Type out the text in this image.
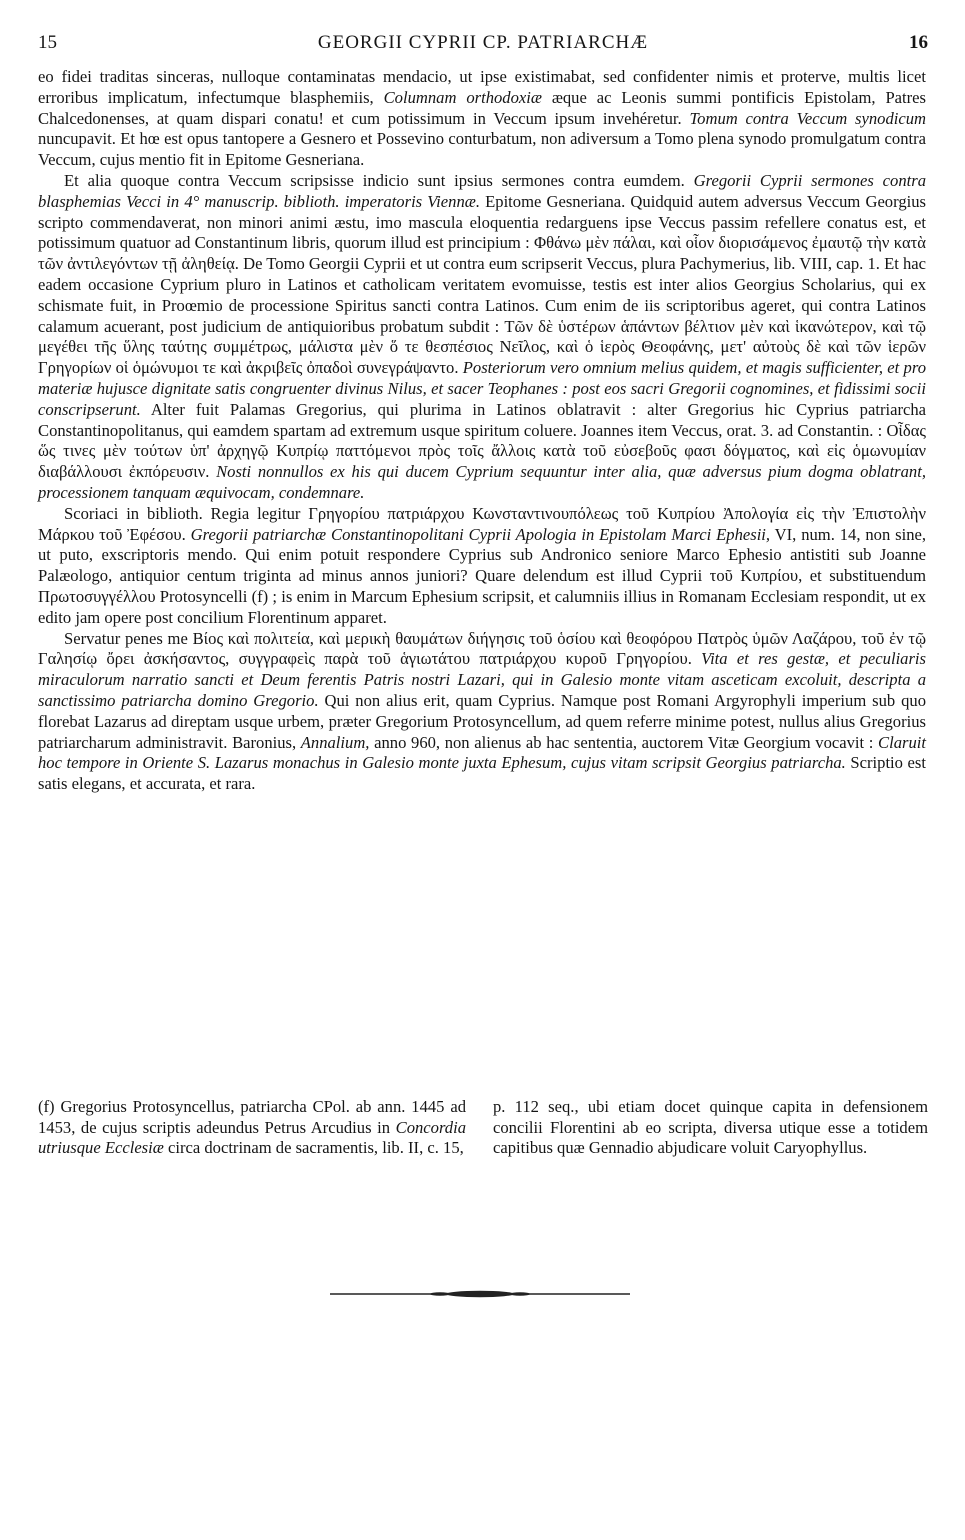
15	GEORGII CYPRII CP. PATRIARCHÆ	16

eo fidei traditas sinceras, nulloque contaminatas mendacio, ut ipse existimabat, sed confidenter nimis et proterve, multis licet erroribus implicatum, infectumque blasphemiis, Columnam orthodoxiæ æque ac Leonis summi pontificis Epistolam, Patres Chalcedonenses, at quam dispari conatu! et cum potissimum in Veccum ipsum invehéretur. Tomum contra Veccum synodicum nuncupavit. Et hœ est opus tantopere a Gesnero et Possevino conturbatum, non adiversum a Tomo plena synodo promulgatum contra Veccum, cujus mentio fit in Epitome Gesneriana.

Et alia quoque contra Veccum scripsisse indicio sunt ipsius sermones contra eumdem. Gregorii Cyprii sermones contra blasphemias Vecci in 4° manuscrip. biblioth. imperatoris Viennæ. Epitome Gesneriana. Quidquid autem adversus Veccum Georgius scripto commendaverat, non minori animi æstu, imo mascula eloquentia redarguens ipse Veccus passim refellere conatus est, et potissimum quatuor ad Constantinum libris, quorum illud est principium : Φθάνω μὲν πάλαι, καὶ οἷον διορισάμενος ἐμαυτῷ τὴν κατὰ τῶν ἀντιλεγόντων τῇ ἀληθείᾳ. De Tomo Georgii Cyprii et ut contra eum scripserit Veccus, plura Pachymerius, lib. VIII, cap. 1. Et hac eadem occasione Cyprium pluro in Latinos et catholicam veritatem evomuisse, testis est inter alios Georgius Scholarius, qui ex schismate fuit, in Proœmio de processione Spiritus sancti contra Latinos. Cum enim de iis scriptoribus ageret, qui contra Latinos calamum acuerant, post judicium de antiquioribus probatum subdit : Τῶν δὲ ὑστέρων ἁπάντων βέλτιον μὲν καὶ ἱκανώτερον, καὶ τῷ μεγέθει τῆς ὕλης ταύτης συμμέτρως, μάλιστα μὲν ὅ τε θεσπέσιος Νεῖλος, καὶ ὁ ἱερὸς Θεοφάνης, μετ' αὐτοὺς δὲ καὶ τῶν ἱερῶν Γρηγορίων οἱ ὁμώνυμοι τε καὶ ἀκριβεῖς ὀπαδοὶ συνεγράψαντο. Posteriorum vero omnium melius quidem, et magis sufficienter, et pro materiæ hujusce dignitate satis congruenter divinus Nilus, et sacer Teophanes : post eos sacri Gregorii cognomines, et fidissimi socii conscripserunt. Alter fuit Palamas Gregorius, qui plurima in Latinos oblatravit : alter Gregorius hic Cyprius patriarcha Constantinopolitanus, qui eamdem spartam ad extremum usque spiritum coluere. Joannes item Veccus, orat. 3. ad Constantin. : Οἶδας ὥς τινες μὲν τούτων ὑπ' ἀρχηγῷ Κυπρίῳ παττόμενοι πρὸς τοῖς ἄλλοις κατὰ τοῦ εὐσεβοῦς φασι δόγματος, καὶ εἰς ὁμωνυμίαν διαβάλλουσι ἐκπόρευσιν. Nosti nonnullos ex his qui ducem Cyprium sequuntur inter alia, quæ adversus pium dogma oblatrant, processionem tanquam æquivocam, condemnare.

Scoriaci in biblioth. Regia legitur Γρηγορίου πατριάρχου Κωνσταντινουπόλεως τοῦ Κυπρίου Ἀπολογία εἰς τὴν Ἐπιστολὴν Μάρκου τοῦ Ἐφέσου. Gregorii patriarchæ Constantinopolitani Cyprii Apologia in Epistolam Marci Ephesii, VI, num. 14, non sine, ut puto, exscriptoris mendo. Qui enim potuit respondere Cyprius sub Andronico seniore Marco Ephesio antistiti sub Joanne Palæologo, antiquior centum triginta ad minus annos juniori? Quare delendum est illud Cyprii τοῦ Κυπρίου, et substituendum Πρωτοσυγγέλλου Protosyncelli (f) ; is enim in Marcum Ephesium scripsit, et calumniis illius in Romanam Ecclesiam respondit, ut ex edito jam opere post concilium Florentinum apparet.

Servatur penes me Βίος καὶ πολιτεία, καὶ μερικὴ θαυμάτων διήγησις τοῦ ὁσίου καὶ θεοφόρου Πατρὸς ὑμῶν Λαζάρου, τοῦ ἐν τῷ Γαλησίῳ ὄρει ἀσκήσαντος, συγγραφεὶς παρὰ τοῦ ἁγιωτάτου πατριάρχου κυροῦ Γρηγορίου. Vita et res gestæ, et peculiaris miraculorum narratio sancti et Deum ferentis Patris nostri Lazari, qui in Galesio monte vitam asceticam excoluit, descripta a sanctissimo patriarcha domino Gregorio. Qui non alius erit, quam Cyprius. Namque post Romani Argyrophyli imperium sub quo florebat Lazarus ad direptam usque urbem, præter Gregorium Protosyncellum, ad quem referre minime potest, nullus alius Gregorius patriarcharum administravit. Baronius, Annalium, anno 960, non alienus ab hac sententia, auctorem Vitæ Georgium vocavit : Claruit hoc tempore in Oriente S. Lazarus monachus in Galesio monte juxta Ephesum, cujus vitam scripsit Georgius patriarcha. Scriptio est satis elegans, et accurata, et rara.

(f) Gregorius Protosyncellus, patriarcha CPol. ab ann. 1445 ad 1453, de cujus scriptis adeundus Petrus Arcudius in Concordia utriusque Ecclesiæ circa doctrinam de sacramentis, lib. II, c. 15,
p. 112 seq., ubi etiam docet quinque capita in defensionem concilii Florentini ab eo scripta, diversa utique esse a totidem capitibus quæ Gennadio abjudicare voluit Caryophyllus.
